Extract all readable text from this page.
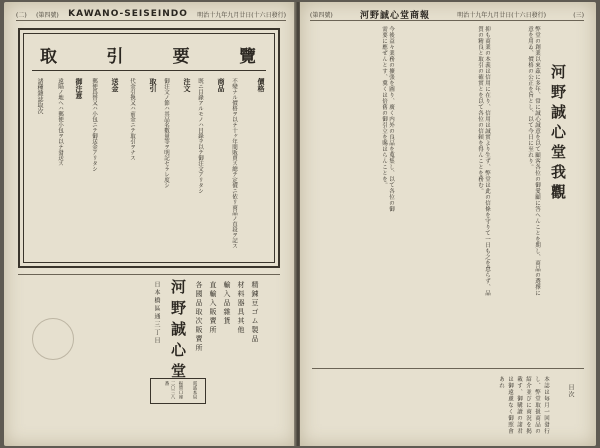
(二) (第四號) KAWANO-SEISEINDO 明治十九年九月廿日(十六日發行)
取	引	要	覽
價格
不變ナル價格ヲ以テ十ヶ年間販賣ス總テ定價ニ依リ商品ノ直段ヲ記ス
商品
既ニ目錄アルモノハ目錄ヲ以テ御注文アリタシ
注文
御注文ノ節ハ其品名數量等ヲ明記セラレ度シ
取引
代金引換又ハ前金ニテ取引ヲナス
送金
郵便爲替又ハ小包ニテ御送金アリタシ
御注意
遠隔ノ地ヘハ郵便小包ヲ以テ發送ス
諸種雜誌取次
精錬豆ゴム製品
材料器具其他
輸入品雜貨
直輸入販賣所
各國品取次販賣所
河野誠心堂
日本橋區通三丁目
電話本局
振替口座
二〇三八番
(第四號)	河野誠心堂商報	明治十九年九月廿日(十六日發行)	(三)
河野誠心堂我觀
弊堂の創業以來茲に多年、常に誠心誠意を以て顧客各位の御愛顧に答へんことを期し、商品の選擇に意を用ゐ、價格の公正を旨とし、以て今日に至れり。
抑も商業の本義は信用に在り、信用は誠實より生ず、弊堂は此の信條を守りて一日も之を怠らず、品質の精良と取引の確實とを以て各位の信頼を得んことを務む。
今後益々業務の擴張を圖り、廣く内外の良品を蒐集し、以て各位の御需要に應ぜんとす、冀くは倍舊の御引立を賜はらんことを。
本誌は毎月一回發行し、弊堂取扱商品の紹介並びに商況を掲載す、御購讀の諸君は御遠慮なく御照會あれ
目次
